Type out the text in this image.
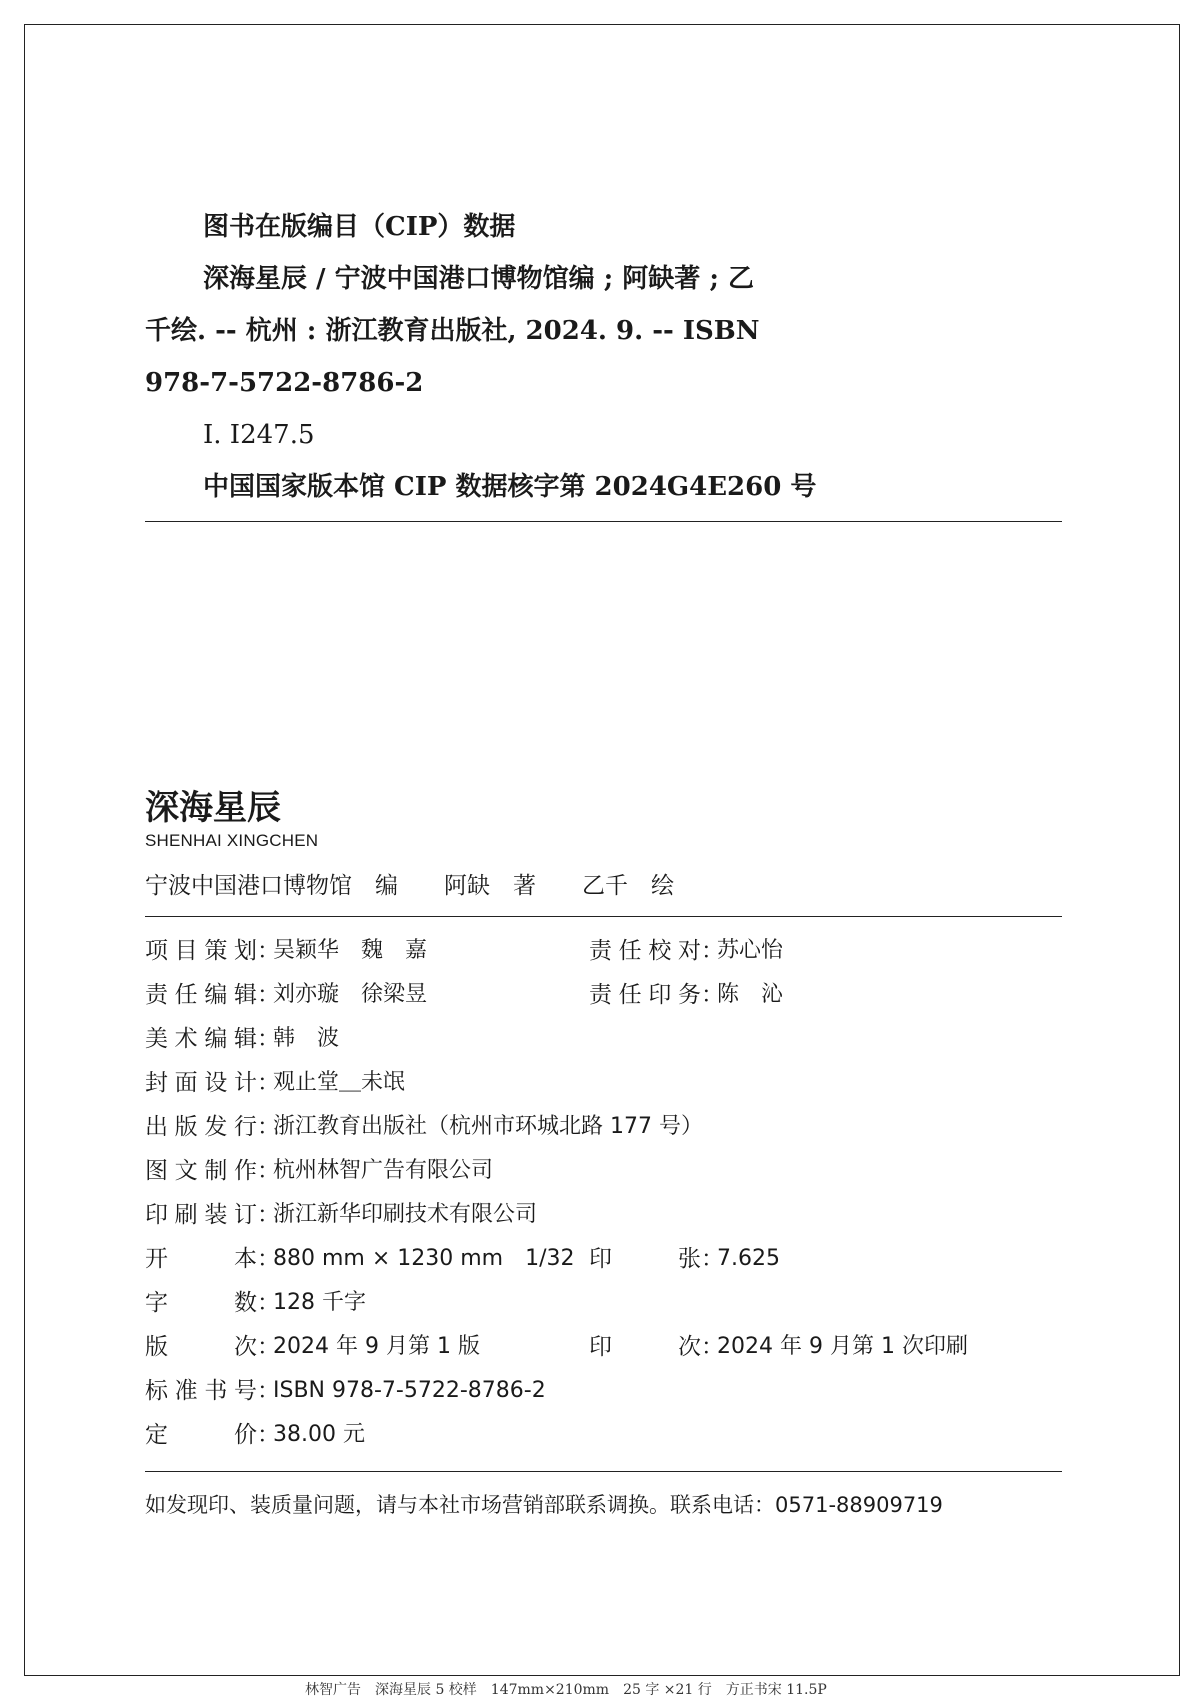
图书在版编目（CIP）数据
深海星辰 / 宁波中国港口博物馆编 ; 阿缺著 ; 乙
千绘. -- 杭州 : 浙江教育出版社, 2024. 9. -- ISBN
978-7-5722-8786-2
Ⅰ. I247.5
中国国家版本馆 CIP 数据核字第 2024G4E260 号
深海星辰
SHENHAI XINGCHEN
宁波中国港口博物馆　编　　阿缺　著　　乙千　绘
项目策划：吴颖华　魏　嘉
责任编辑：刘亦璇　徐梁昱
美术编辑：韩　波
封面设计：观止堂＿未氓
出版发行：浙江教育出版社（杭州市环城北路 177 号）
图文制作：杭州林智广告有限公司
印刷装订：浙江新华印刷技术有限公司
开本：880 mm × 1230 mm　1/32
字数：128 千字
版次：2024 年 9 月第 1 版
标准书号：ISBN 978-7-5722-8786-2
定价：38.00 元
责任校对：苏心怡
责任印务：陈　沁
印张：7.625
印次：2024 年 9 月第 1 次印刷
如发现印、装质量问题，请与本社市场营销部联系调换。联系电话：0571-88909719
林智广告　深海星辰 5 校样　147mm×210mm　25 字 ×21 行　方正书宋 11.5P
